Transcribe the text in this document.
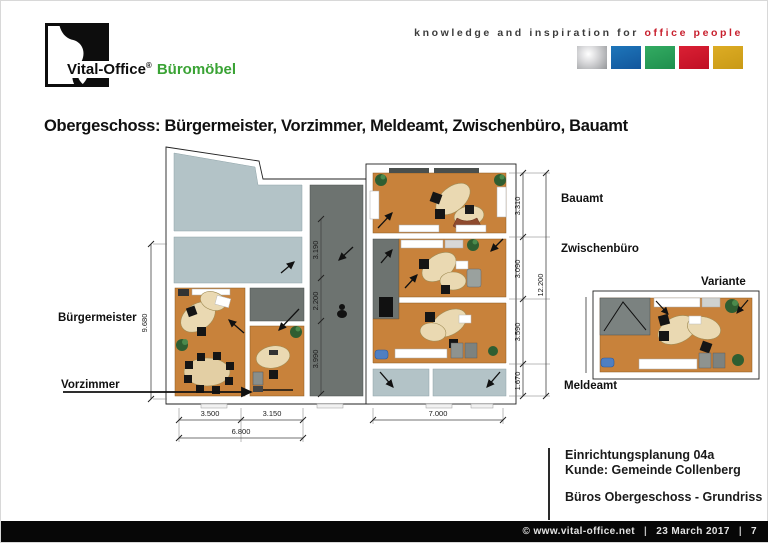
Vital-Office® Büromöbel
knowledge and inspiration for office people
Obergeschoss: Bürgermeister, Vorzimmer, Meldeamt, Zwischenbüro, Bauamt
9.680
3.190
2.200
3.990
3.310
3.090
3.590
1.670
12.200
3.500	3.150
6.800
7.000
Bürgermeister
Vorzimmer
Bauamt
Zwischenbüro
Meldeamt
Variante
Einrichtungsplanung 04a
Kunde: Gemeinde Collenberg
Büros Obergeschoss - Grundriss
© www.vital-office.net | 23 March 2017 | 7
